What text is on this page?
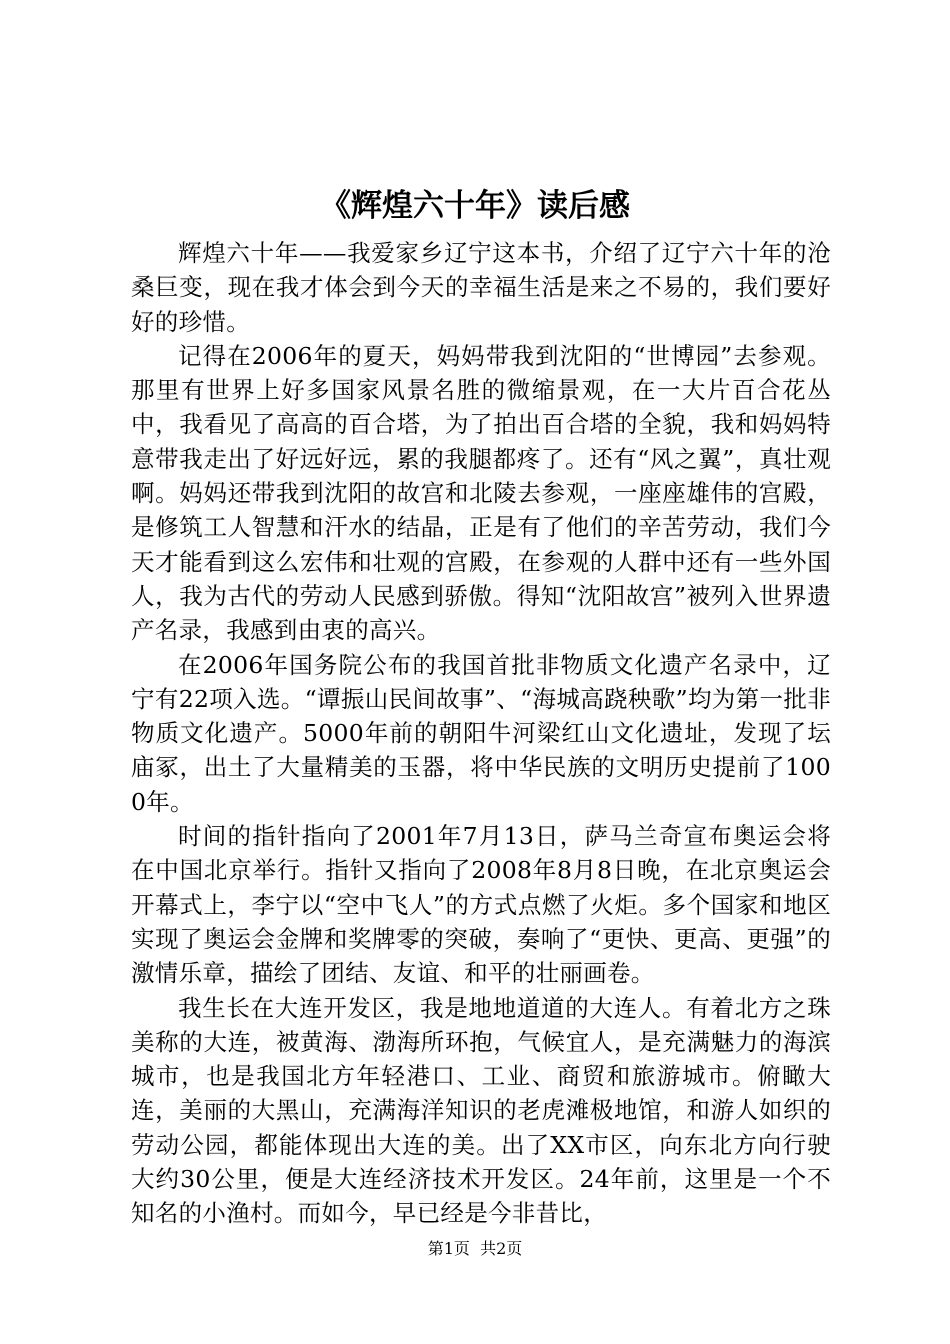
《辉煌六十年》读后感

辉煌六十年——我爱家乡辽宁这本书，介绍了辽宁六十年的沧桑巨变，现在我才体会到今天的幸福生活是来之不易的，我们要好好的珍惜。

记得在2006年的夏天，妈妈带我到沈阳的“世博园”去参观。那里有世界上好多国家风景名胜的微缩景观，在一大片百合花丛中，我看见了高高的百合塔，为了拍出百合塔的全貌，我和妈妈特意带我走出了好远好远，累的我腿都疼了。还有“风之翼”，真壮观啊。妈妈还带我到沈阳的故宫和北陵去参观，一座座雄伟的宫殿，是修筑工人智慧和汗水的结晶，正是有了他们的辛苦劳动，我们今天才能看到这么宏伟和壮观的宫殿，在参观的人群中还有一些外国人，我为古代的劳动人民感到骄傲。得知“沈阳故宫”被列入世界遗产名录，我感到由衷的高兴。

在2006年国务院公布的我国首批非物质文化遗产名录中，辽宁有22项入选。“谭振山民间故事”、“海城高跷秧歌”均为第一批非物质文化遗产。5000年前的朝阳牛河梁红山文化遗址，发现了坛庙冢，出土了大量精美的玉器，将中华民族的文明历史提前了1000年。

时间的指针指向了2001年7月13日，萨马兰奇宣布奥运会将在中国北京举行。指针又指向了2008年8月8日晚，在北京奥运会开幕式上，李宁以“空中飞人”的方式点燃了火炬。多个国家和地区实现了奥运会金牌和奖牌零的突破，奏响了“更快、更高、更强”的激情乐章，描绘了团结、友谊、和平的壮丽画卷。

我生长在大连开发区，我是地地道道的大连人。有着北方之珠美称的大连，被黄海、渤海所环抱，气候宜人，是充满魅力的海滨城市，也是我国北方年轻港口、工业、商贸和旅游城市。俯瞰大连，美丽的大黑山，充满海洋知识的老虎滩极地馆，和游人如织的劳动公园，都能体现出大连的美。出了XX市区，向东北方向行驶大约30公里，便是大连经济技术开发区。24年前，这里是一个不知名的小渔村。而如今，早已经是今非昔比，

第1页 共2页
